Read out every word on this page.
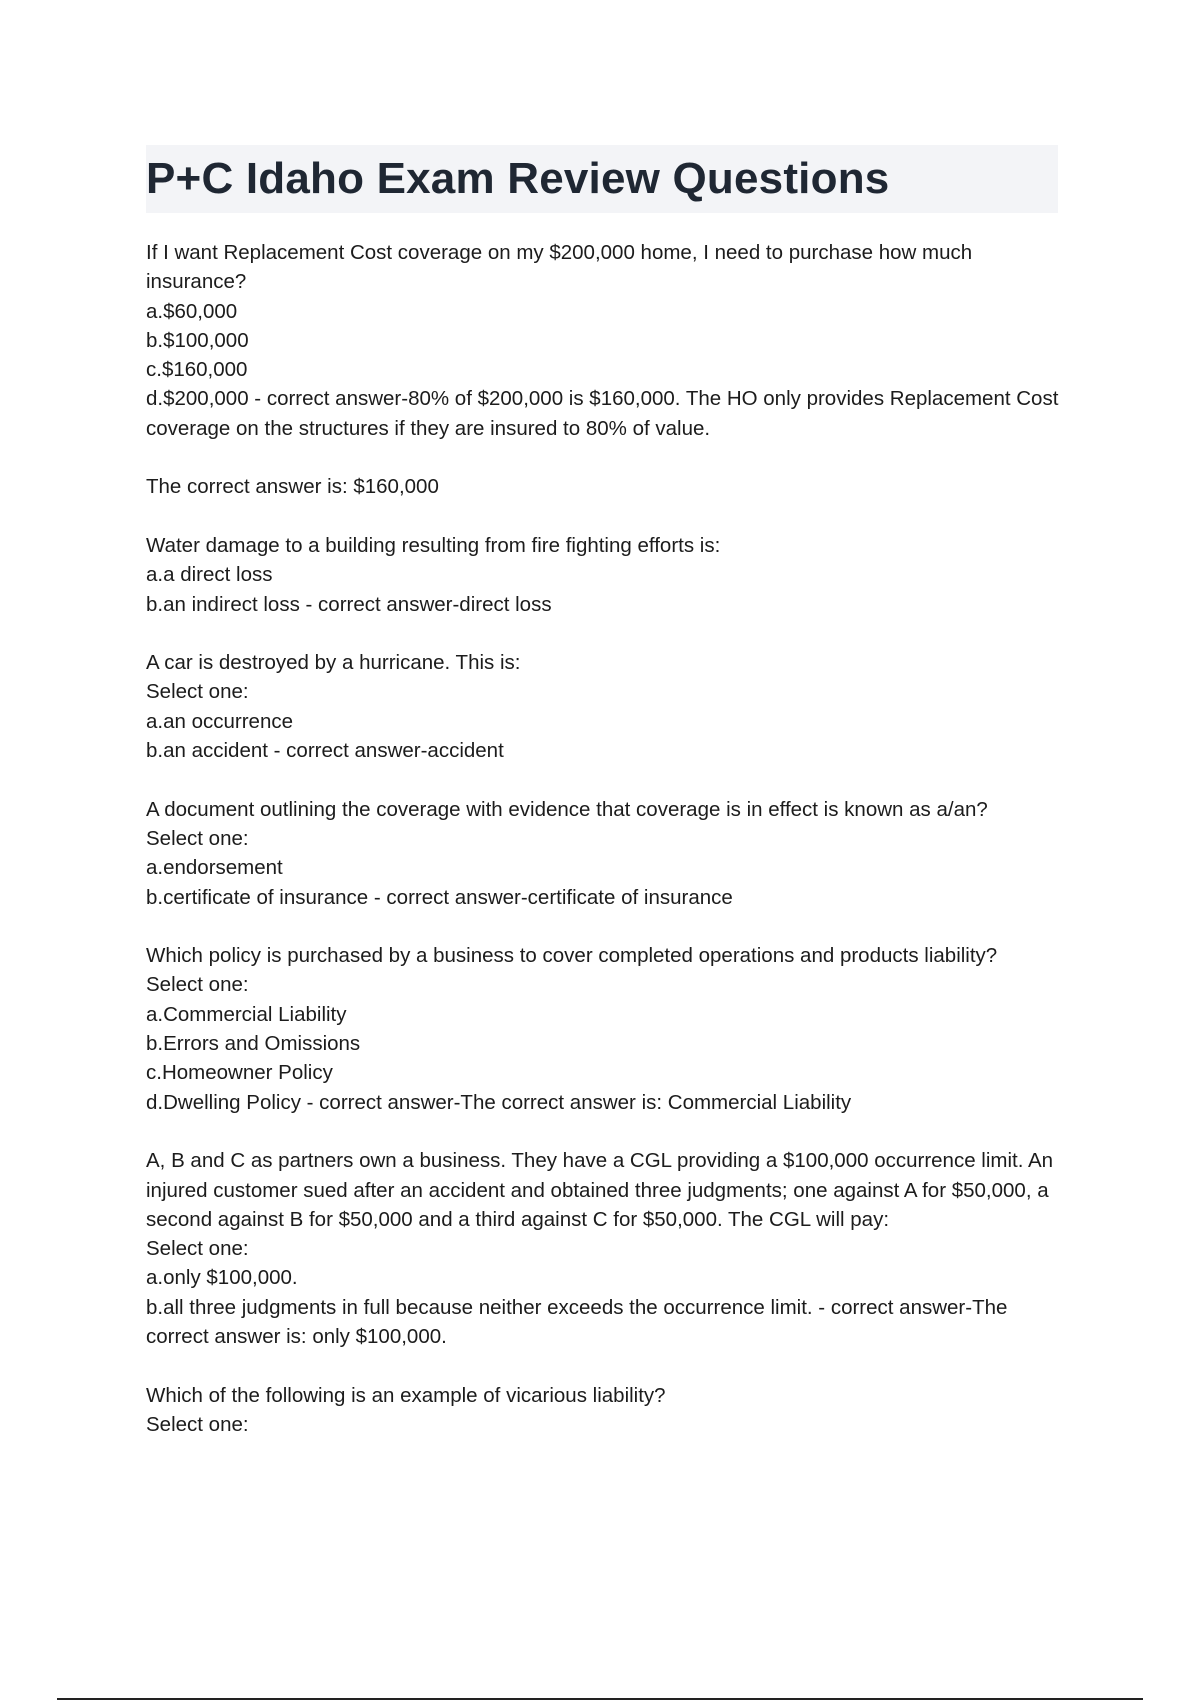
P+C Idaho Exam Review Questions
If I want Replacement Cost coverage on my $200,000 home, I need to purchase how much insurance?
a.$60,000
b.$100,000
c.$160,000
d.$200,000 - correct answer-80% of $200,000 is $160,000. The HO only provides Replacement Cost coverage on the structures if they are insured to 80% of value.
The correct answer is: $160,000
Water damage to a building resulting from fire fighting efforts is:
a.a direct loss
b.an indirect loss - correct answer-direct loss
A car is destroyed by a hurricane. This is:
Select one:
a.an occurrence
b.an accident - correct answer-accident
A document outlining the coverage with evidence that coverage is in effect is known as a/an?
Select one:
a.endorsement
b.certificate of insurance - correct answer-certificate of insurance
Which policy is purchased by a business to cover completed operations and products liability?
Select one:
a.Commercial Liability
b.Errors and Omissions
c.Homeowner Policy
d.Dwelling Policy - correct answer-The correct answer is: Commercial Liability
A, B and C as partners own a business. They have a CGL providing a $100,000 occurrence limit. An injured customer sued after an accident and obtained three judgments; one against A for $50,000, a second against B for $50,000 and a third against C for $50,000. The CGL will pay:
Select one:
a.only $100,000.
b.all three judgments in full because neither exceeds the occurrence limit. - correct answer-The correct answer is: only $100,000.
Which of the following is an example of vicarious liability?
Select one:
